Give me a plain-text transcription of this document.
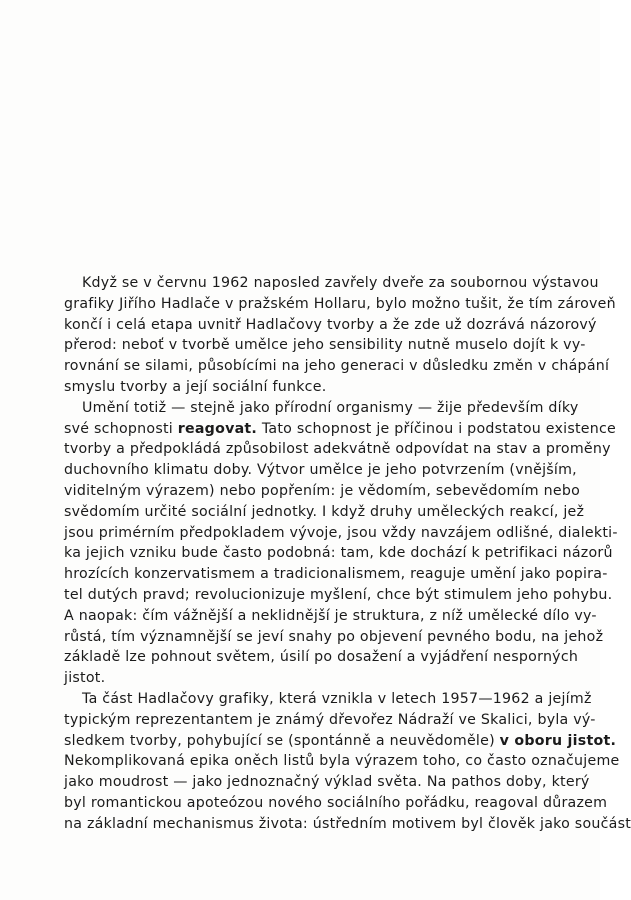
Když se v červnu 1962 naposled zavřely dveře za soubornou výstavou
grafiky Jiřího Hadlače v pražském Hollaru, bylo možno tušit, že tím zároveň
končí i celá etapa uvnitř Hadlačovy tvorby a že zde už dozrává názorový
přerod: neboť v tvorbě umělce jeho sensibility nutně muselo dojít k vy-
rovnání se silami, působícími na jeho generaci v důsledku změn v chápání
smyslu tvorby a její sociální funkce.
Umění totiž — stejně jako přírodní organismy — žije především díky
své schopnosti reagovat. Tato schopnost je příčinou i podstatou existence
tvorby a předpokládá způsobilost adekvátně odpovídat na stav a proměny
duchovního klimatu doby. Výtvor umělce je jeho potvrzením (vnějším,
viditelným výrazem) nebo popřením: je vědomím, sebevědomím nebo
svědomím určité sociální jednotky. I když druhy uměleckých reakcí, jež
jsou primérním předpokladem vývoje, jsou vždy navzájem odlišné, dialekti-
ka jejich vzniku bude často podobná: tam, kde dochází k petrifikaci názorů
hrozících konzervatismem a tradicionalismem, reaguje umění jako popira-
tel dutých pravd; revolucionizuje myšlení, chce být stimulem jeho pohybu.
A naopak: čím vážnější a neklidnější je struktura, z níž umělecké dílo vy-
růstá, tím významnější se jeví snahy po objevení pevného bodu, na jehož
základě lze pohnout světem, úsilí po dosažení a vyjádření nesporných
jistot.
Ta část Hadlačovy grafiky, která vznikla v letech 1957—1962 a jejímž
typickým reprezentantem je známý dřevořez Nádraží ve Skalici, byla vý-
sledkem tvorby, pohybující se (spontánně a neuvědoměle) v oboru jistot.
Nekomplikovaná epika oněch listů byla výrazem toho, co často označujeme
jako moudrost — jako jednoznačný výklad světa. Na pathos doby, který
byl romantickou apoteózou nového sociálního pořádku, reagoval důrazem
na základní mechanismus života: ústředním motivem byl člověk jako součást
